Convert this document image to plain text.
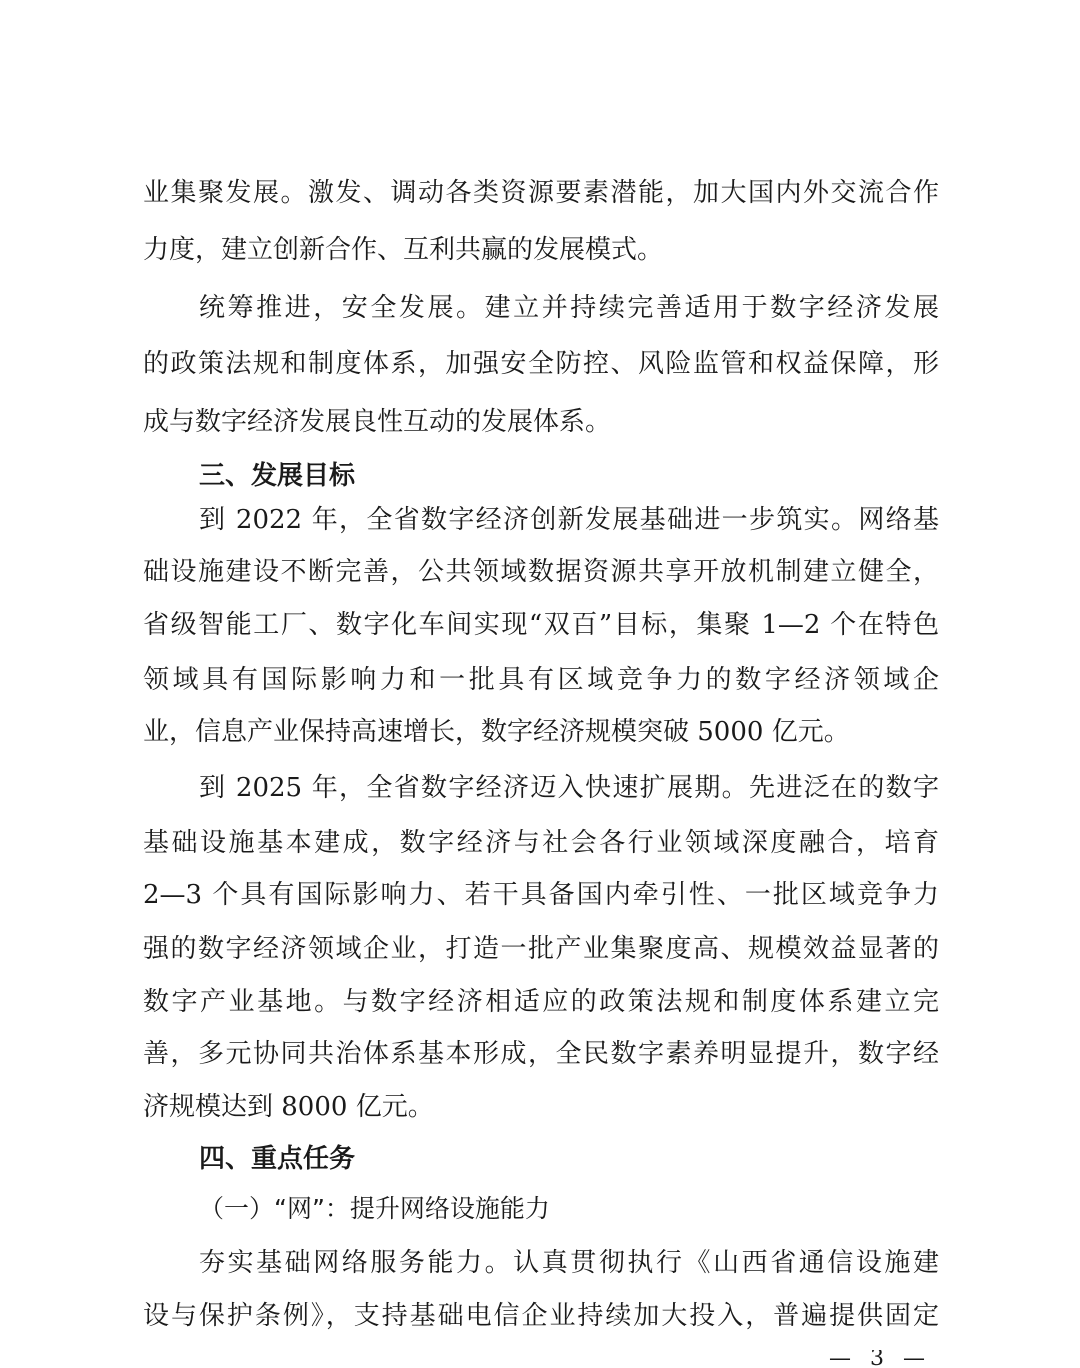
业集聚发展。激发、调动各类资源要素潜能，加大国内外交流合作
力度，建立创新合作、互利共赢的发展模式。
统筹推进，安全发展。建立并持续完善适用于数字经济发展
的政策法规和制度体系，加强安全防控、风险监管和权益保障，形
成与数字经济发展良性互动的发展体系。
三、发展目标
到 2022 年，全省数字经济创新发展基础进一步筑实。网络基
础设施建设不断完善，公共领域数据资源共享开放机制建立健全，
省级智能工厂、数字化车间实现“双百”目标，集聚 1—2 个在特色
领域具有国际影响力和一批具有区域竞争力的数字经济领域企
业，信息产业保持高速增长，数字经济规模突破 5000 亿元。
到 2025 年，全省数字经济迈入快速扩展期。先进泛在的数字
基础设施基本建成，数字经济与社会各行业领域深度融合，培育
2—3 个具有国际影响力、若干具备国内牵引性、一批区域竞争力
强的数字经济领域企业，打造一批产业集聚度高、规模效益显著的
数字产业基地。与数字经济相适应的政策法规和制度体系建立完
善，多元协同共治体系基本形成，全民数字素养明显提升，数字经
济规模达到 8000 亿元。
四、重点任务
（一）“网”：提升网络设施能力
夯实基础网络服务能力。认真贯彻执行《山西省通信设施建
设与保护条例》，支持基础电信企业持续加大投入，普遍提供固定
— 3 —
